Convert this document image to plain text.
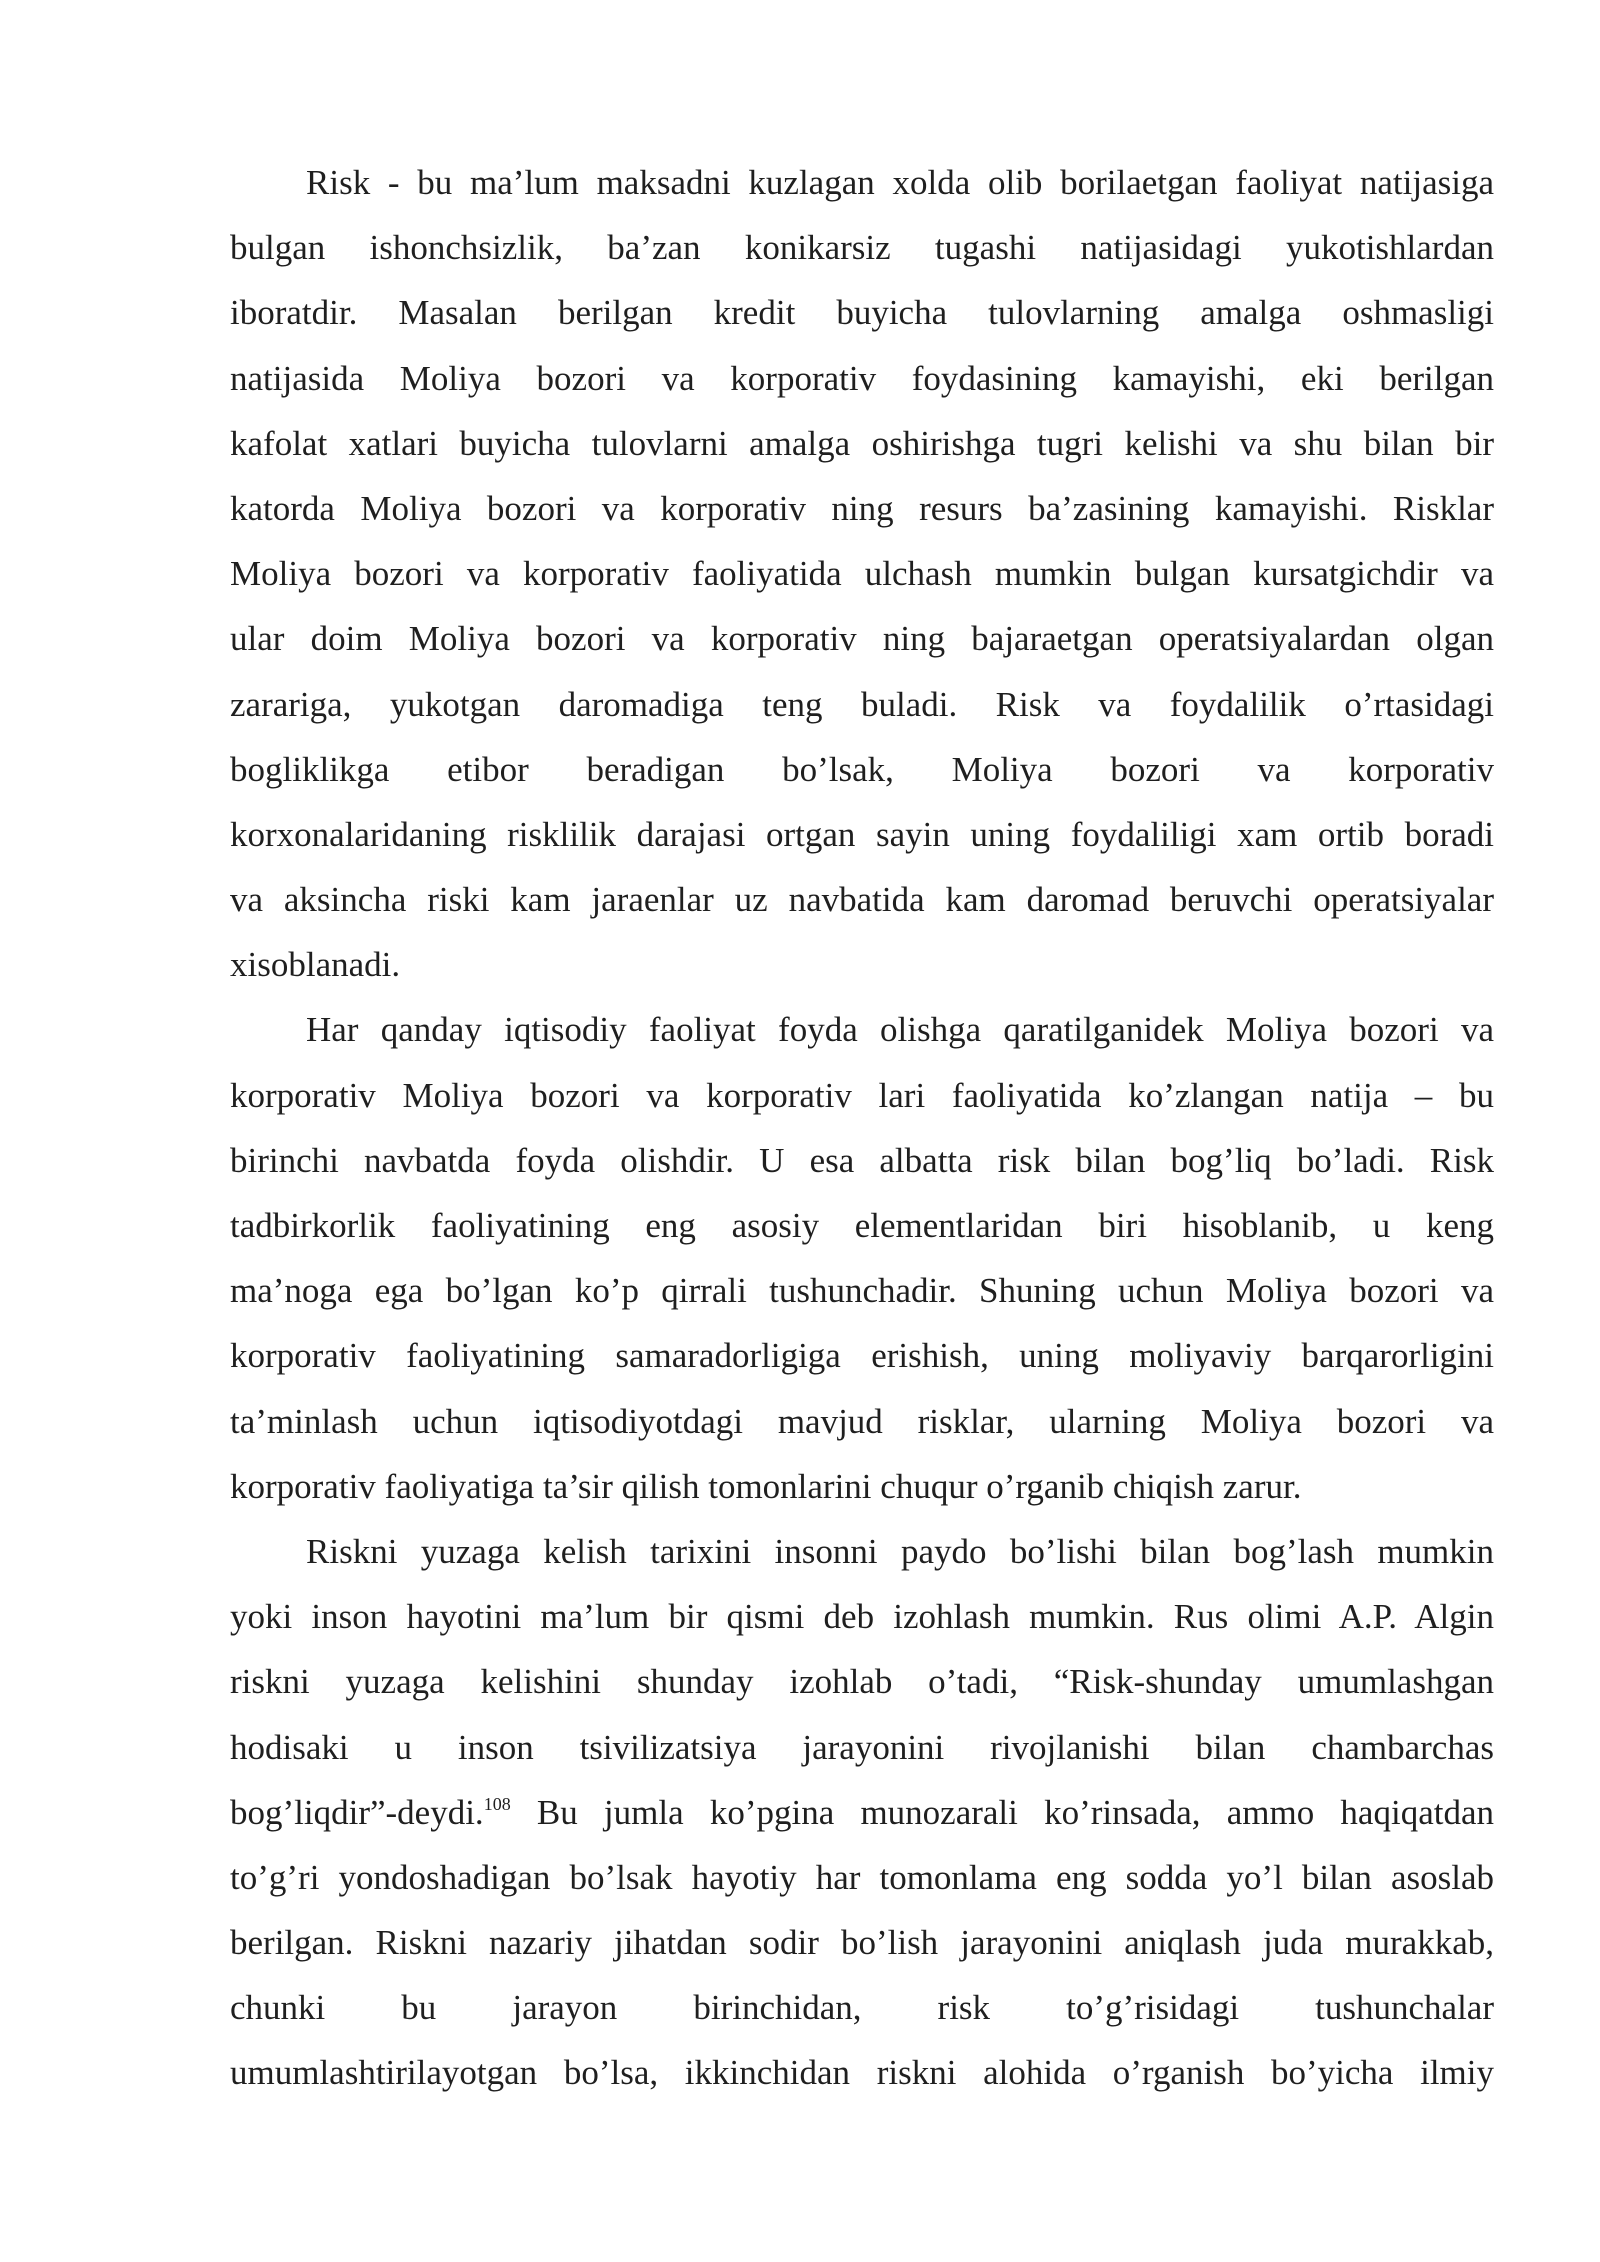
Risk - bu ma’lum maksadni kuzlagan xolda olib borilaetgan faoliyat natijasiga
bulgan ishonchsizlik, ba’zan konikarsiz tugashi natijasidagi yukotishlardan
iboratdir. Masalan berilgan kredit buyicha tulovlarning amalga oshmasligi
natijasida Moliya bozori va korporativ foydasining kamayishi, eki berilgan
kafolat xatlari buyicha tulovlarni amalga oshirishga tugri kelishi va shu bilan bir
katorda Moliya bozori va korporativ ning resurs ba’zasining kamayishi. Risklar
Moliya bozori va korporativ faoliyatida ulchash mumkin bulgan kursatgichdir va
ular doim Moliya bozori va korporativ ning bajaraetgan operatsiyalardan olgan
zarariga, yukotgan daromadiga teng buladi. Risk va foydalilik o’rtasidagi
bogliklikga etibor beradigan bo’lsak, Moliya bozori va korporativ
korxonalaridaning risklilik darajasi ortgan sayin uning foydaliligi xam ortib boradi
va aksincha riski kam jaraenlar uz navbatida kam daromad beruvchi operatsiyalar
xisoblanadi.
Har qanday iqtisodiy faoliyat foyda olishga qaratilganidek Moliya bozori va
korporativ Moliya bozori va korporativ lari faoliyatida ko’zlangan natija – bu
birinchi navbatda foyda olishdir. U esa albatta risk bilan bog’liq bo’ladi. Risk
tadbirkorlik faoliyatining eng asosiy elementlaridan biri hisoblanib, u keng
ma’noga ega bo’lgan ko’p qirrali tushunchadir. Shuning uchun Moliya bozori va
korporativ faoliyatining samaradorligiga erishish, uning moliyaviy barqarorligini
ta’minlash uchun iqtisodiyotdagi mavjud risklar, ularning Moliya bozori va
korporativ faoliyatiga ta’sir qilish tomonlarini chuqur o’rganib chiqish zarur.
Riskni yuzaga kelish tarixini insonni paydo bo’lishi bilan bog’lash mumkin
yoki inson hayotini ma’lum bir qismi deb izohlash mumkin. Rus olimi A.P. Algin
riskni yuzaga kelishini shunday izohlab o’tadi, “Risk-shunday umumlashgan
hodisaki u inson tsivilizatsiya jarayonini rivojlanishi bilan chambarchas
bog’liqdir”-deydi.$^{108}$ Bu jumla ko’pgina munozarali ko’rinsada, ammo haqiqatdan
to’g’ri yondoshadigan bo’lsak hayotiy har tomonlama eng sodda yo’l bilan asoslab
berilgan. Riskni nazariy jihatdan sodir bo’lish jarayonini aniqlash juda murakkab,
chunki bu jarayon birinchidan, risk to’g’risidagi tushunchalar
umumlashtirilayotgan bo’lsa, ikkinchidan riskni alohida o’rganish bo’yicha ilmiy
